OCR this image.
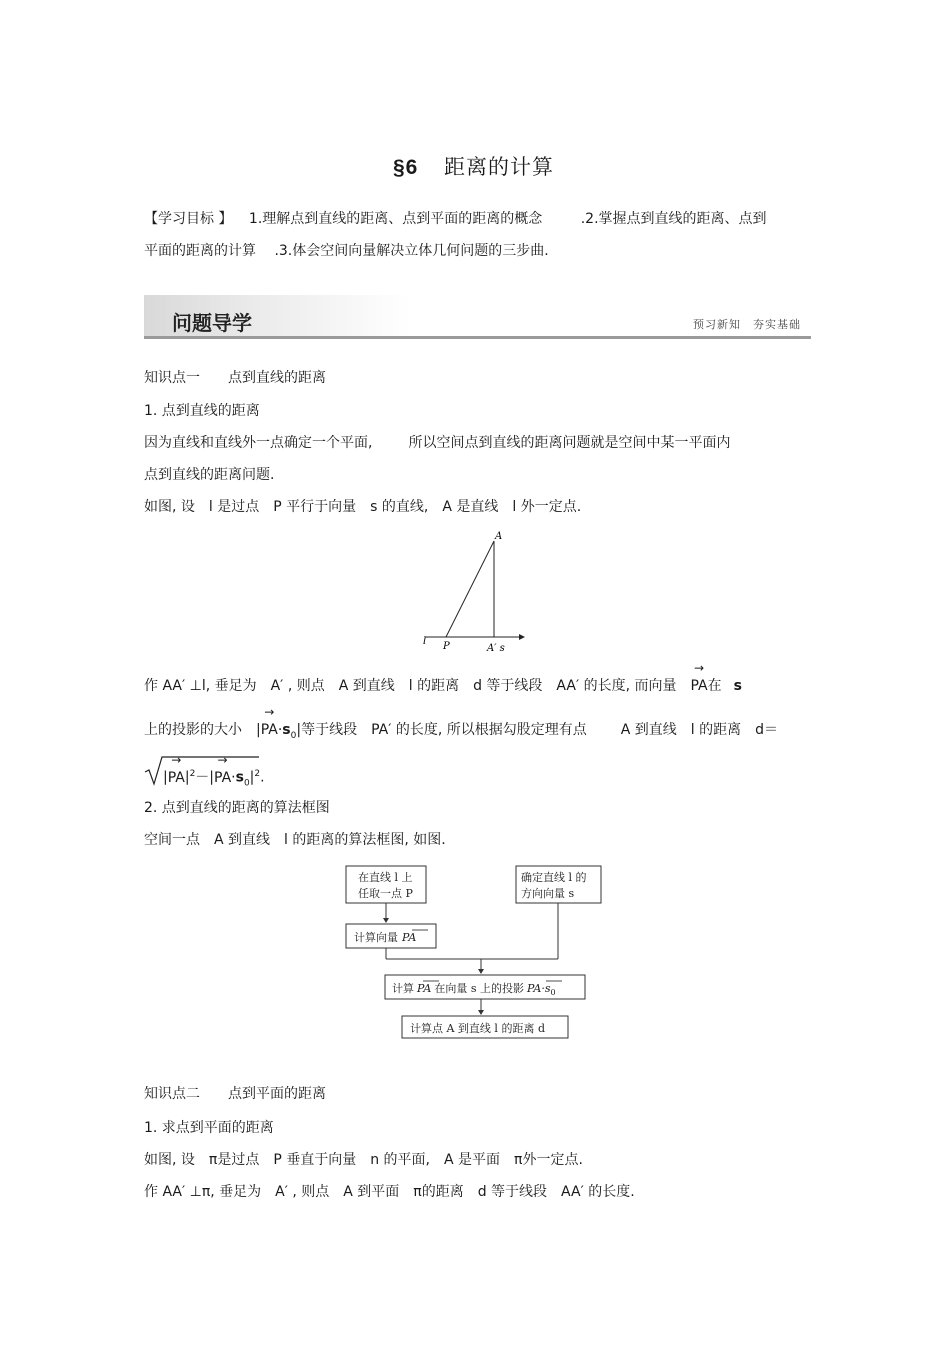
§6 距离的计算
【学习目标 】 1.理解点到直线的距离、点到平面的距离的概念	.2.掌握点到直线的距离、点到
平面的距离的计算 .3.体会空间向量解决立体几何问题的三步曲.
问题导学	预习新知　夯实基础
知识点一　　点到直线的距离
1. 点到直线的距离
因为直线和直线外一点确定一个平面,	所以空间点到直线的距离问题就是空间中某一平面内
点到直线的距离问题.
如图, 设　l 是过点　P 平行于向量　s 的直线,　A 是直线　l 外一定点.
A
l P	A′ s
作 AA′ ⊥l, 垂足为　A′ , 则点　A 到直线　l 的距离　d 等于线段　AA′ 的长度, 而向量→ PA在 s
上的投影的大小 |→ $PA\cdot s_0|$等于线段　PA′ 的长度, 所以根据勾股定理有点 A 到直线　l 的距离　d＝
|→ $PA|^2-|\to PA\cdot s_0|^2$.
2. 点到直线的距离的算法框图
空间一点　A 到直线　l 的距离的算法框图, 如图.
在直线 l 上
任取一点 P
确定直线 l 的
方向向量 s
计算向量 PA
计算 PA 在向量 s 上的投影 $PA\cdot s_0$
计算点 A 到直线 l 的距离 d
知识点二　　点到平面的距离
1. 求点到平面的距离
如图, 设　π是过点　P 垂直于向量　n 的平面,　A 是平面　π外一定点.
作 AA′ ⊥π, 垂足为　A′ , 则点　A 到平面　π的距离　d 等于线段　AA′ 的长度.
